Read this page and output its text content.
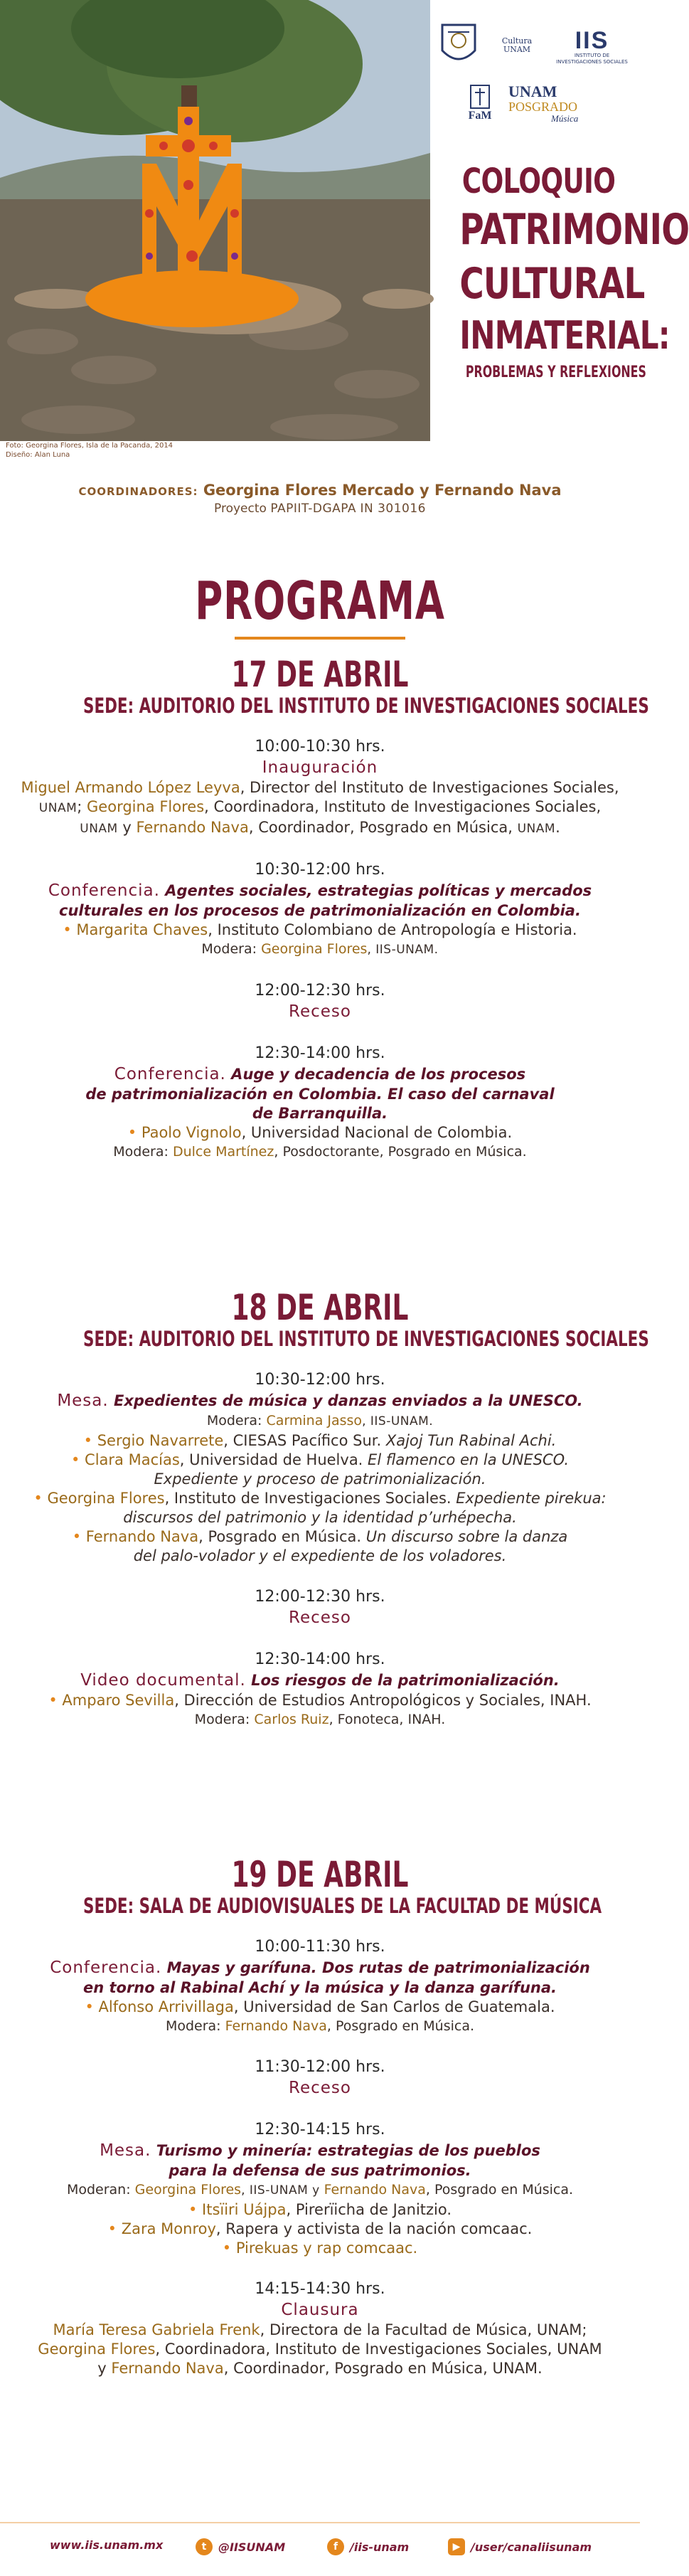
Foto: Georgina Flores, Isla de la Pacanda, 2014
Diseño: Alan Luna
Cultura UNAM	IIS
INSTITUTO DE INVESTIGACIONES SOCIALES
FaM
UNAM
POSGRADO
Música
COLOQUIO
PATRIMONIO
CULTURAL
INMATERIAL:
PROBLEMAS Y REFLEXIONES
COORDINADORES: Georgina Flores Mercado y Fernando Nava
Proyecto PAPIIT-DGAPA IN 301016
PROGRAMA
17 DE ABRIL
SEDE: AUDITORIO DEL INSTITUTO DE INVESTIGACIONES SOCIALES
10:00-10:30 hrs.
Inauguración
Miguel Armando López Leyva, Director del Instituto de Investigaciones Sociales,
UNAM; Georgina Flores, Coordinadora, Instituto de Investigaciones Sociales,
UNAM y Fernando Nava, Coordinador, Posgrado en Música, UNAM.
10:30-12:00 hrs.
Conferencia. Agentes sociales, estrategias políticas y mercados
culturales en los procesos de patrimonialización en Colombia.
• Margarita Chaves, Instituto Colombiano de Antropología e Historia.
Modera: Georgina Flores, IIS-UNAM.
12:00-12:30 hrs.
Receso
12:30-14:00 hrs.
Conferencia. Auge y decadencia de los procesos
de patrimonialización en Colombia. El caso del carnaval
de Barranquilla.
• Paolo Vignolo, Universidad Nacional de Colombia.
Modera: Dulce Martínez, Posdoctorante, Posgrado en Música.
18 DE ABRIL
SEDE: AUDITORIO DEL INSTITUTO DE INVESTIGACIONES SOCIALES
10:30-12:00 hrs.
Mesa. Expedientes de música y danzas enviados a la UNESCO.
Modera: Carmina Jasso, IIS-UNAM.
• Sergio Navarrete, CIESAS Pacífico Sur. Xajoj Tun Rabinal Achi.
• Clara Macías, Universidad de Huelva. El flamenco en la UNESCO.
Expediente y proceso de patrimonialización.
• Georgina Flores, Instituto de Investigaciones Sociales. Expediente pirekua:
discursos del patrimonio y la identidad p’urhépecha.
• Fernando Nava, Posgrado en Música. Un discurso sobre la danza
del palo-volador y el expediente de los voladores.
12:00-12:30 hrs.
Receso
12:30-14:00 hrs.
Video documental. Los riesgos de la patrimonialización.
• Amparo Sevilla, Dirección de Estudios Antropológicos y Sociales, INAH.
Modera: Carlos Ruiz, Fonoteca, INAH.
19 DE ABRIL
SEDE: SALA DE AUDIOVISUALES DE LA FACULTAD DE MÚSICA
10:00-11:30 hrs.
Conferencia. Mayas y garífuna. Dos rutas de patrimonialización
en torno al Rabinal Achí y la música y la danza garífuna.
• Alfonso Arrivillaga, Universidad de San Carlos de Guatemala.
Modera: Fernando Nava, Posgrado en Música.
11:30-12:00 hrs.
Receso
12:30-14:15 hrs.
Mesa. Turismo y minería: estrategias de los pueblos
para la defensa de sus patrimonios.
Moderan: Georgina Flores, IIS-UNAM y Fernando Nava, Posgrado en Música.
• Itsïiri Uájpa, Pirerïicha de Janitzio.
• Zara Monroy, Rapera y activista de la nación comcaac.
• Pirekuas y rap comcaac.
14:15-14:30 hrs.
Clausura
María Teresa Gabriela Frenk, Directora de la Facultad de Música, UNAM;
Georgina Flores, Coordinadora, Instituto de Investigaciones Sociales, UNAM
y Fernando Nava, Coordinador, Posgrado en Música, UNAM.
www.iis.unam.mx	t	@IISUNAM	f	/iis-unam	▶ /user/canaliisunam
